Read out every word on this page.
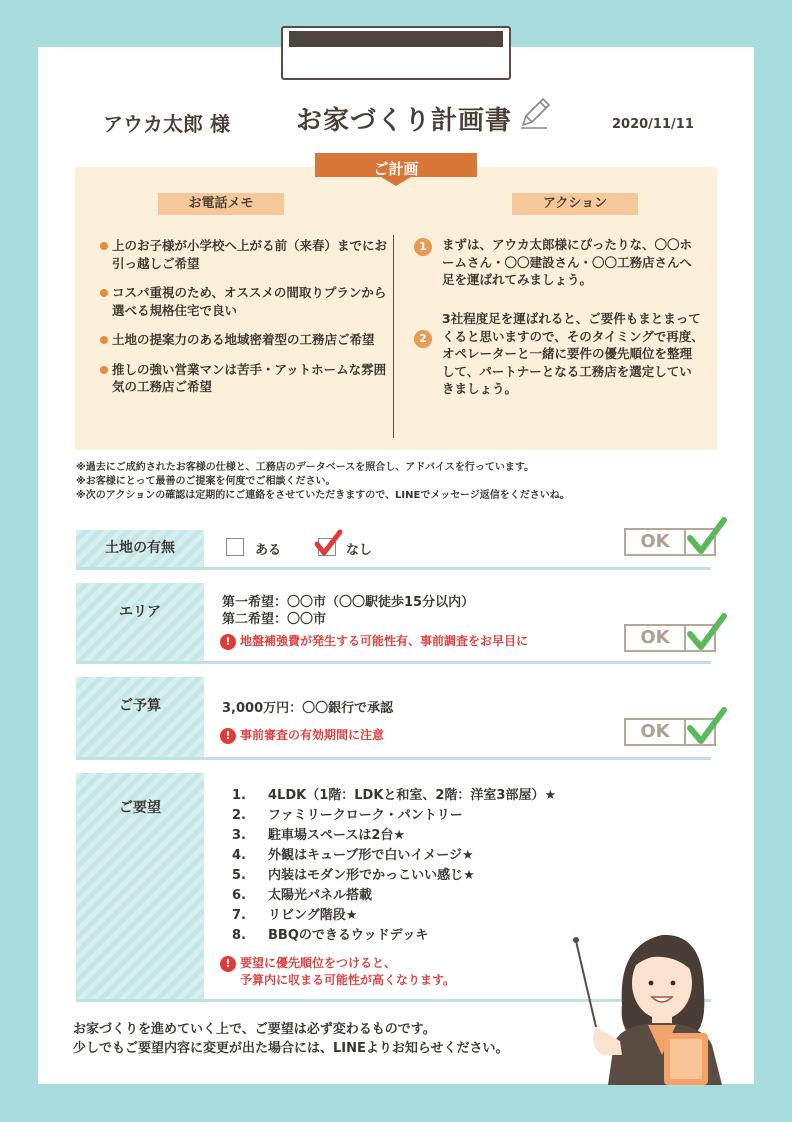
アウカ太郎 様	お家づくり計画書	2020/11/11
ご計画
お電話メモ	アクション
上のお子様が小学校へ上がる前（来春）までにお引っ越しご希望
コスパ重視のため、オススメの間取りプランから選べる規格住宅で良い
土地の提案力のある地域密着型の工務店ご希望
推しの強い営業マンは苦手・アットホームな雰囲気の工務店ご希望
1	まずは、アウカ太郎様にぴったりな、〇〇ホームさん・〇〇建設さん・〇〇工務店さんへ足を運ばれてみましょう。
2
3社程度足を運ばれると、ご要件もまとまってくると思いますので、そのタイミングで再度、オペレーターと一緒に要件の優先順位を整理して、パートナーとなる工務店を選定していきましょう。
※過去にご成約されたお客様の仕様と、工務店のデータベースを照合し、アドバイスを行っています。
※お客様にとって最善のご提案を何度でご相談ください。
※次のアクションの確認は定期的にご連絡をさせていただきますので、LINEでメッセージ返信をくださいね。
土地の有無	ある	なし	OK
エリア
第一希望：〇〇市（〇〇駅徒歩15分以内）
第二希望：〇〇市
! 地盤補強費が発生する可能性有、事前調査をお早目に	OK
ご予算	3,000万円：〇〇銀行で承認
! 事前審査の有効期間に注意	OK
ご要望
1. 4LDK（1階：LDKと和室、2階：洋室3部屋）★
2. ファミリークローク・パントリー
3. 駐車場スペースは2台★
4. 外観はキューブ形で白いイメージ★
5. 内装はモダン形でかっこいい感じ★
6. 太陽光パネル搭載
7. リビング階段★
8. BBQのできるウッドデッキ
! 要望に優先順位をつけると、
予算内に収まる可能性が高くなります。
お家づくりを進めていく上で、ご要望は必ず変わるものです。
少しでもご要望内容に変更が出た場合には、LINEよりお知らせください。
